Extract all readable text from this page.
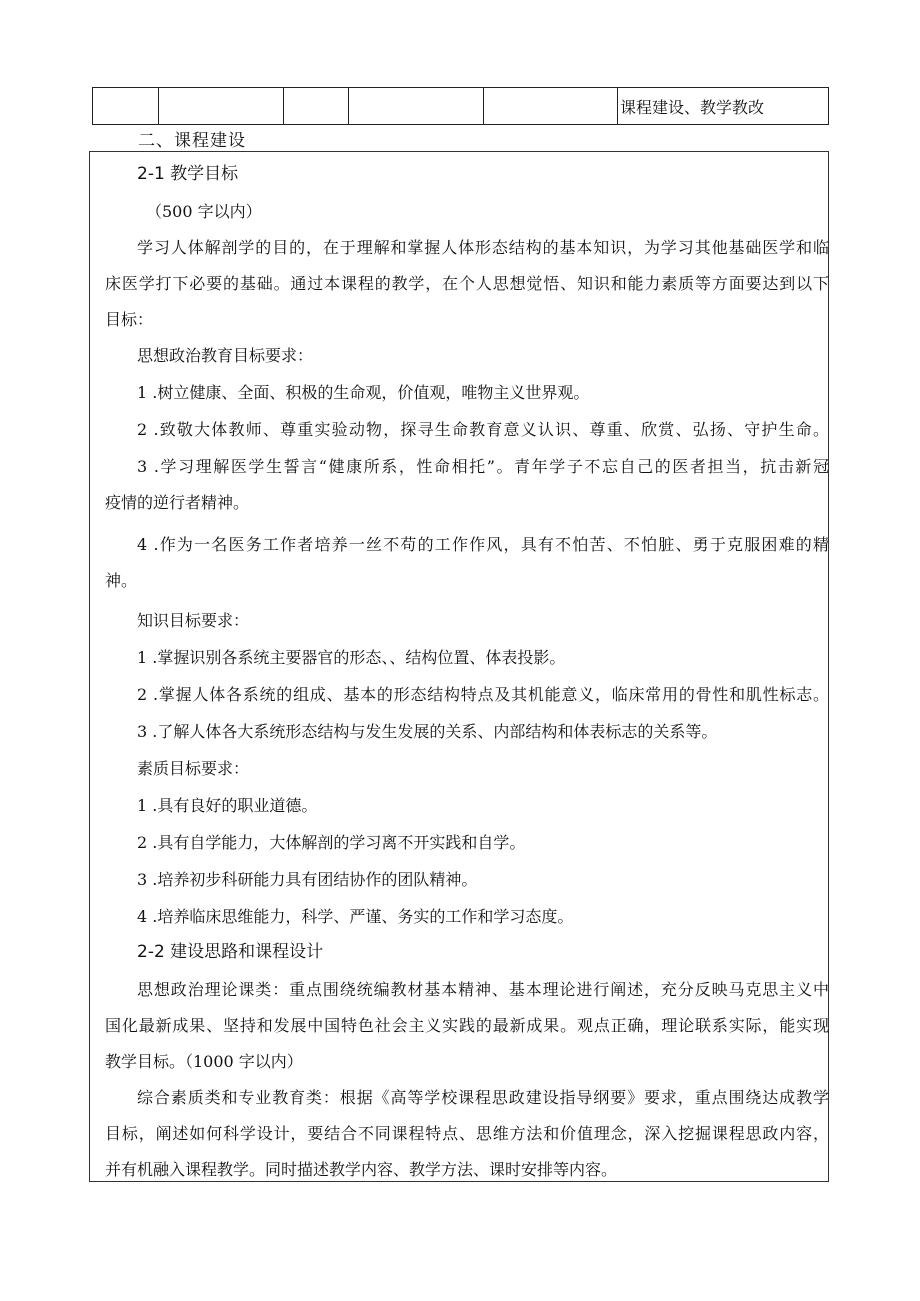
					课程建设、教学教改
二、课程建设
2-1 教学目标
（500 字以内）
学习人体解剖学的目的，在于理解和掌握人体形态结构的基本知识，为学习其他基础医学和临
床医学打下必要的基础。通过本课程的教学，在个人思想觉悟、知识和能力素质等方面要达到以下
目标：
思想政治教育目标要求：
1 .树立健康、全面、积极的生命观，价值观，唯物主义世界观。
2 .致敬大体教师、尊重实验动物，探寻生命教育意义认识、尊重、欣赏、弘扬、守护生命。
3 .学习理解医学生誓言“健康所系，性命相托”。青年学子不忘自己的医者担当，抗击新冠
疫情的逆行者精神。
4 .作为一名医务工作者培养一丝不苟的工作作风，具有不怕苦、不怕脏、勇于克服困难的精
神。
知识目标要求：
1 .掌握识别各系统主要器官的形态、、结构位置、体表投影。
2 .掌握人体各系统的组成、基本的形态结构特点及其机能意义，临床常用的骨性和肌性标志。
3 .了解人体各大系统形态结构与发生发展的关系、内部结构和体表标志的关系等。
素质目标要求：
1 .具有良好的职业道德。
2 .具有自学能力，大体解剖的学习离不开实践和自学。
3 .培养初步科研能力具有团结协作的团队精神。
4 .培养临床思维能力，科学、严谨、务实的工作和学习态度。
2-2 建设思路和课程设计
思想政治理论课类：重点围绕统编教材基本精神、基本理论进行阐述，充分反映马克思主义中
国化最新成果、坚持和发展中国特色社会主义实践的最新成果。观点正确，理论联系实际，能实现
教学目标。（1000 字以内）
综合素质类和专业教育类：根据《高等学校课程思政建设指导纲要》要求，重点围绕达成教学
目标，阐述如何科学设计，要结合不同课程特点、思维方法和价值理念，深入挖掘课程思政内容，
并有机融入课程教学。同时描述教学内容、教学方法、课时安排等内容。
